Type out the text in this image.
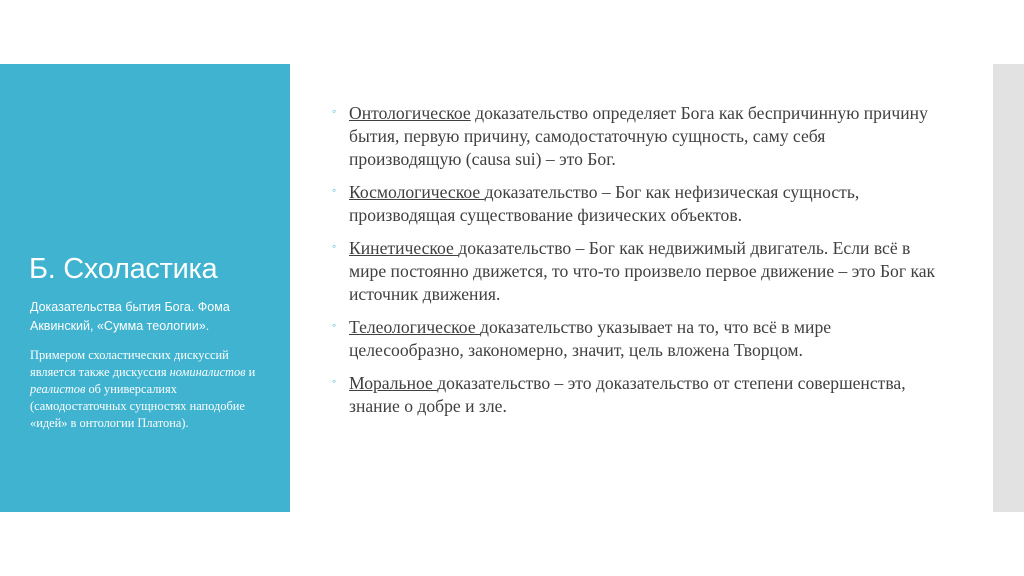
Б. Схоластика
Доказательства бытия Бога. Фома Аквинский, «Сумма теологии».
Примером схоластических дискуссий является также дискуссия номиналистов и реалистов об универсалиях (самодостаточных сущностях наподобие «идей» в онтологии Платона).
◦ Онтологическое доказательство определяет Бога как беспричинную причину бытия, первую причину, самодостаточную сущность, саму себя производящую (causa sui) – это Бог.
◦ Космологическое доказательство – Бог как нефизическая сущность, производящая существование физических объектов.
◦ Кинетическое доказательство – Бог как недвижимый двигатель. Если всё в мире постоянно движется, то что-то произвело первое движение – это Бог как источник движения.
◦ Телеологическое доказательство указывает на то, что всё в мире целесообразно, закономерно, значит, цель вложена Творцом.
◦ Моральное доказательство – это доказательство от степени совершенства, знание о добре и зле.
